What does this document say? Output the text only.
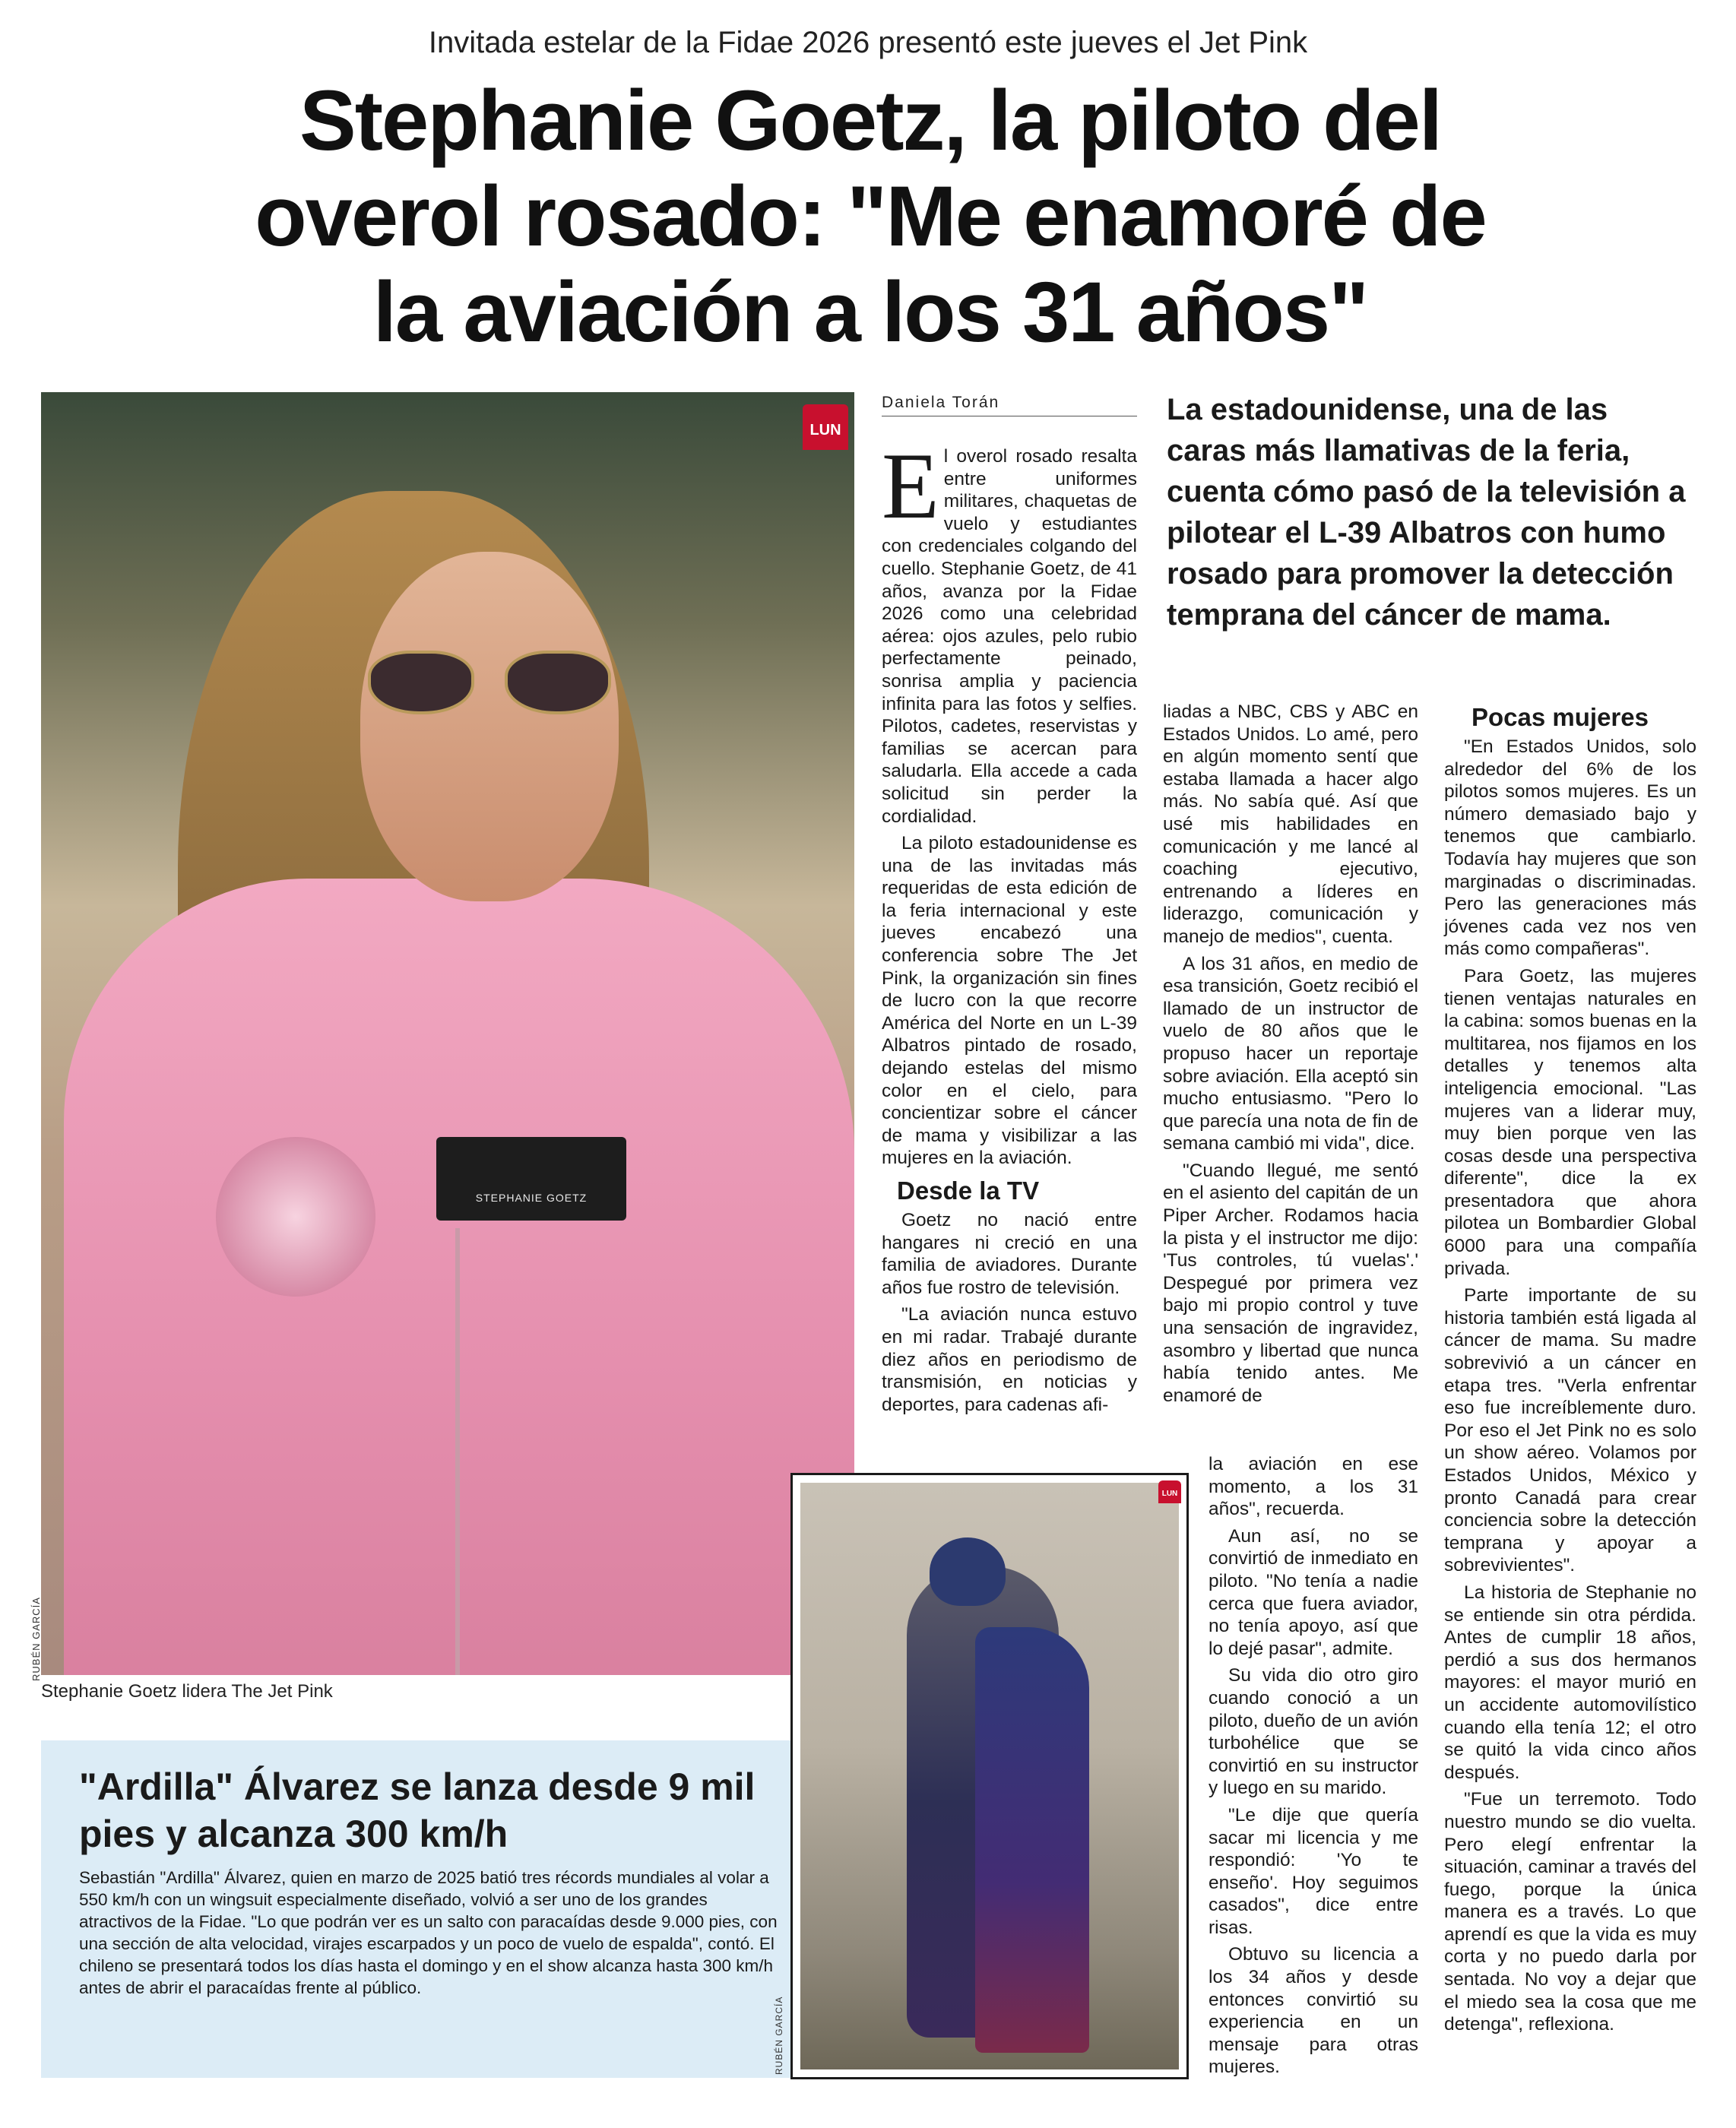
Invitada estelar de la Fidae 2026 presentó este jueves el Jet Pink
Stephanie Goetz, la piloto del overol rosado: "Me enamoré de la aviación a los 31 años"
STEPHANIE GOETZ
LUN
RUBÉN GARCÍA
Stephanie Goetz lidera The Jet Pink
Daniela Torán	La estadounidense, una de las caras más llamativas de la feria, cuenta cómo pasó de la televisión a pilotear el L-39 Albatros con humo rosado para promover la detección temprana del cáncer de mama.

El overol rosado resalta entre uniformes militares, chaquetas de vuelo y estudiantes con credenciales colgando del cuello. Stephanie Goetz, de 41 años, avanza por la Fidae 2026 como una celebridad aérea: ojos azules, pelo rubio perfectamente peinado, sonrisa amplia y paciencia infinita para las fotos y selfies. Pilotos, cadetes, reservistas y familias se acercan para saludarla. Ella accede a cada solicitud sin perder la cordialidad.

La piloto estadounidense es una de las invitadas más requeridas de esta edición de la feria internacional y este jueves encabezó una conferencia sobre The Jet Pink, la organización sin fines de lucro con la que recorre América del Norte en un L-39 Albatros pintado de rosado, dejando estelas del mismo color en el cielo, para concientizar sobre el cáncer de mama y visibilizar a las mujeres en la aviación.

Desde la TV

Goetz no nació entre hangares ni creció en una familia de aviadores. Durante años fue rostro de televisión.

"La aviación nunca estuvo en mi radar. Trabajé durante diez años en periodismo de transmisión, en noticias y deportes, para cadenas afi-

liadas a NBC, CBS y ABC en Estados Unidos. Lo amé, pero en algún momento sentí que estaba llamada a hacer algo más. No sabía qué. Así que usé mis habilidades en comunicación y me lancé al coaching ejecutivo, entrenando a líderes en liderazgo, comunicación y manejo de medios", cuenta.

A los 31 años, en medio de esa transición, Goetz recibió el llamado de un instructor de vuelo de 80 años que le propuso hacer un reportaje sobre aviación. Ella aceptó sin mucho entusiasmo. "Pero lo que parecía una nota de fin de semana cambió mi vida", dice.

"Cuando llegué, me sentó en el asiento del capitán de un Piper Archer. Rodamos hacia la pista y el instructor me dijo: 'Tus controles, tú vuelas'.' Despegué por primera vez bajo mi propio control y tuve una sensación de ingravidez, asombro y libertad que nunca había tenido antes. Me enamoré de

la aviación en ese momento, a los 31 años", recuerda.

Aun así, no se convirtió de inmediato en piloto. "No tenía a nadie cerca que fuera aviador, no tenía apoyo, así que lo dejé pasar", admite.

Su vida dio otro giro cuando conoció a un piloto, dueño de un avión turbohélice que se convirtió en su instructor y luego en su marido.

"Le dije que quería sacar mi licencia y me respondió: 'Yo te enseño'. Hoy seguimos casados", dice entre risas.

Obtuvo su licencia a los 34 años y desde entonces convirtió su experiencia en un mensaje para otras mujeres.

Pocas mujeres

"En Estados Unidos, solo alrededor del 6% de los pilotos somos mujeres. Es un número demasiado bajo y tenemos que cambiarlo. Todavía hay mujeres que son marginadas o discriminadas. Pero las generaciones más jóvenes cada vez nos ven más como compañeras".

Para Goetz, las mujeres tienen ventajas naturales en la cabina: somos buenas en la multitarea, nos fijamos en los detalles y tenemos alta inteligencia emocional. "Las mujeres van a liderar muy, muy bien porque ven las cosas desde una perspectiva diferente", dice la ex presentadora que ahora pilotea un Bombardier Global 6000 para una compañía privada.

Parte importante de su historia también está ligada al cáncer de mama. Su madre sobrevivió a un cáncer en etapa tres. "Verla enfrentar eso fue increíblemente duro. Por eso el Jet Pink no es solo un show aéreo. Volamos por Estados Unidos, México y pronto Canadá para crear conciencia sobre la detección temprana y apoyar a sobrevivientes".

La historia de Stephanie no se entiende sin otra pérdida. Antes de cumplir 18 años, perdió a sus dos hermanos mayores: el mayor murió en un accidente automovilístico cuando ella tenía 12; el otro se quitó la vida cinco años después.

"Fue un terremoto. Todo nuestro mundo se dio vuelta. Pero elegí enfrentar la situación, caminar a través del fuego, porque la única manera es a través. Lo que aprendí es que la vida es muy corta y no puedo darla por sentada. No voy a dejar que el miedo sea la cosa que me detenga", reflexiona.

"Ardilla" Álvarez se lanza desde 9 mil pies y alcanza 300 km/h
Sebastián "Ardilla" Álvarez, quien en marzo de 2025 batió tres récords mundiales al volar a 550 km/h con un wingsuit especialmente diseñado, volvió a ser uno de los grandes atractivos de la Fidae. "Lo que podrán ver es un salto con paracaídas desde 9.000 pies, con una sección de alta velocidad, virajes escarpados y un poco de vuelo de espalda", contó. El chileno se presentará todos los días hasta el domingo y en el show alcanza hasta 300 km/h antes de abrir el paracaídas frente al público.
LUN
RUBÉN GARCÍA
